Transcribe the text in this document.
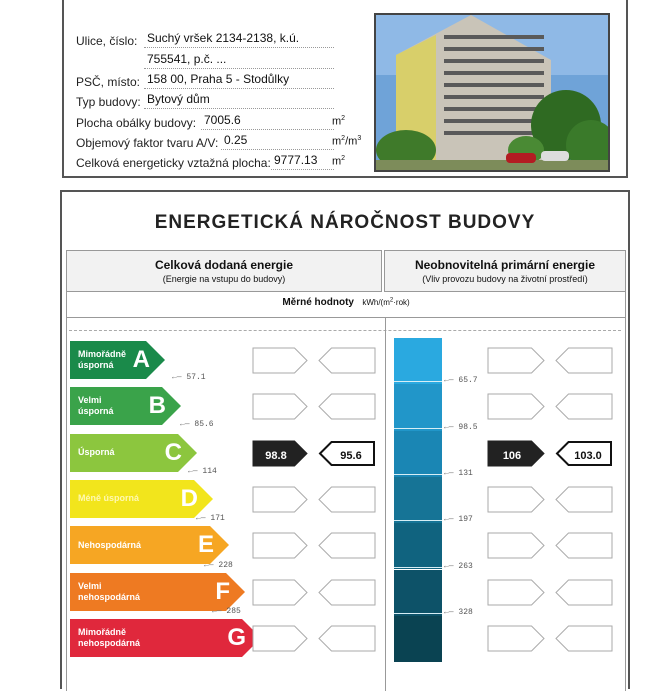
Ulice, číslo: Suchý vršek 2134-2138, k.ú.
755541, p.č. ...
PSČ, místo: 158 00, Praha 5 - Stodůlky
Typ budovy: Bytový dům
Plocha obálky budovy: 7005.6	$m^2$
Objemový faktor tvaru A/V: 0.25	$m^2/m^3$
Celková energeticky vztažná plocha: 9777.13 $m^2$
ENERGETICKÁ NÁROČNOST BUDOVY
Celková dodaná energie
(Energie na vstupu do budovy)
Neobnovitelná primární energie
(Vliv provozu budovy na životní prostředí)
Měrné hodnoty kWh/$(m^2\cdot rok)$
Mimořádně
úsporná A
Velmi
úsporná	B
Úsporná	C	98.8	95.6	106	103.0
Méně úsporná	D
Nehospodárná	E
Velmi
nehospodárná	F
Mimořádně
nehospodárná	G
←— 57.1
←— 85.6
←— 114
←— 171
←— 228
←— 285
←— 65.7
←— 98.5
←— 131
←— 197
←— 263
←— 328
